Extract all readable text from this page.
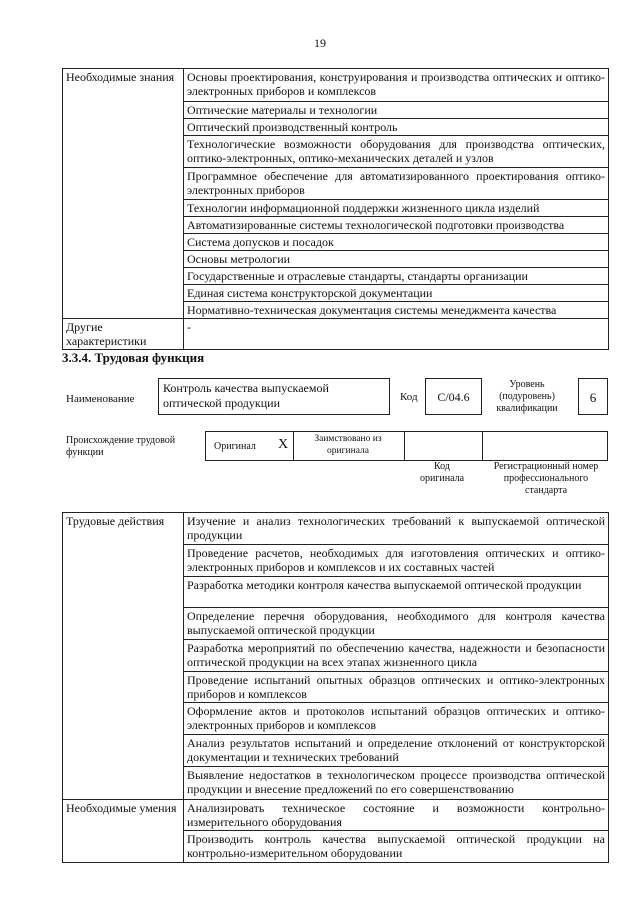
19
Необходимые знания	Основы проектирования, конструирования и производства оптических и оптико-электронных приборов и комплексов
	Оптические материалы и технологии
	Оптический производственный контроль
	Технологические возможности оборудования для производства оптических, оптико-электронных, оптико-механических деталей и узлов
	Программное обеспечение для автоматизированного проектирования оптико-электронных приборов
	Технологии информационной поддержки жизненного цикла изделий
	Автоматизированные системы технологической подготовки производства
	Система допусков и посадок
	Основы метрологии
	Государственные и отраслевые стандарты, стандарты организации
	Единая система конструкторской документации
	Нормативно-техническая документация системы менеджмента качества
Другие характеристики	-
3.3.4. Трудовая функция
Наименование
Контроль качества выпускаемой оптической продукции	Код	C/04.6
Уровень (подуровень) квалификации
6
Происхождение трудовой функции
Оригинал X	Заимствовано из оригинала
Код оригинала
Регистрационный номер профессионального стандарта
Трудовые действия	Изучение и анализ технологических требований к выпускаемой оптической продукции
	Проведение расчетов, необходимых для изготовления оптических и оптико-электронных приборов и комплексов и их составных частей
	Разработка методики контроля качества выпускаемой оптической продукции
	Определение перечня оборудования, необходимого для контроля качества выпускаемой оптической продукции
	Разработка мероприятий по обеспечению качества, надежности и безопасности оптической продукции на всех этапах жизненного цикла
	Проведение испытаний опытных образцов оптических и оптико-электронных приборов и комплексов
	Оформление актов и протоколов испытаний образцов оптических и оптико-электронных приборов и комплексов
	Анализ результатов испытаний и определение отклонений от конструкторской документации и технических требований
	Выявление недостатков в технологическом процессе производства оптической продукции и внесение предложений по его совершенствованию
Необходимые умения	Анализировать техническое состояние и возможности контрольно-измерительного оборудования
	Производить контроль качества выпускаемой оптической продукции на контрольно-измерительном оборудовании
